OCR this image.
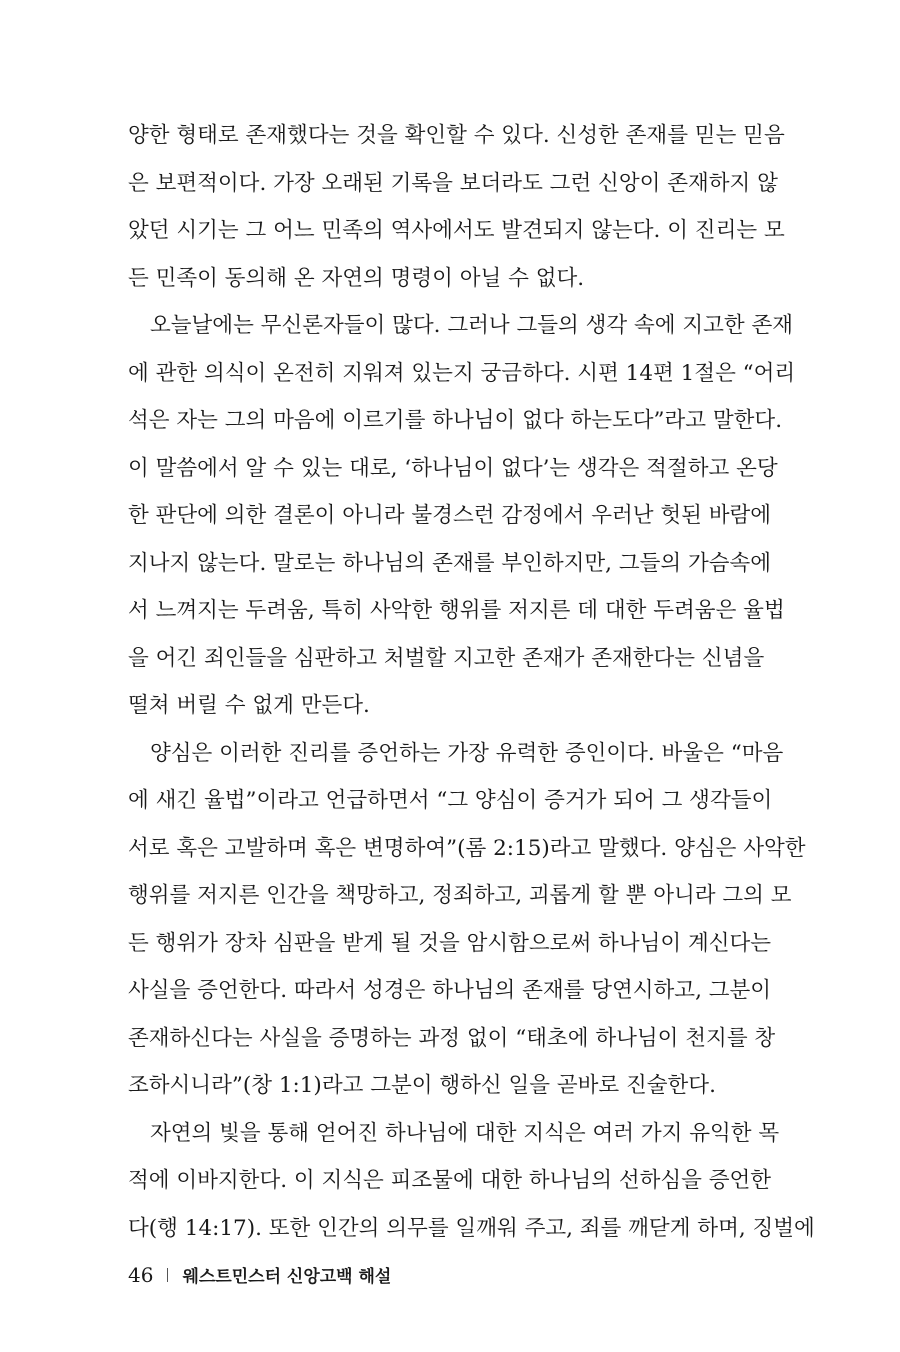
양한 형태로 존재했다는 것을 확인할 수 있다. 신성한 존재를 믿는 믿음
은 보편적이다. 가장 오래된 기록을 보더라도 그런 신앙이 존재하지 않
았던 시기는 그 어느 민족의 역사에서도 발견되지 않는다. 이 진리는 모
든 민족이 동의해 온 자연의 명령이 아닐 수 없다.
오늘날에는 무신론자들이 많다. 그러나 그들의 생각 속에 지고한 존재
에 관한 의식이 온전히 지워져 있는지 궁금하다. 시편 14편 1절은 “어리
석은 자는 그의 마음에 이르기를 하나님이 없다 하는도다”라고 말한다.
이 말씀에서 알 수 있는 대로, ‘하나님이 없다’는 생각은 적절하고 온당
한 판단에 의한 결론이 아니라 불경스런 감정에서 우러난 헛된 바람에
지나지 않는다. 말로는 하나님의 존재를 부인하지만, 그들의 가슴속에
서 느껴지는 두려움, 특히 사악한 행위를 저지른 데 대한 두려움은 율법
을 어긴 죄인들을 심판하고 처벌할 지고한 존재가 존재한다는 신념을
떨쳐 버릴 수 없게 만든다.
양심은 이러한 진리를 증언하는 가장 유력한 증인이다. 바울은 “마음
에 새긴 율법”이라고 언급하면서 “그 양심이 증거가 되어 그 생각들이
서로 혹은 고발하며 혹은 변명하여”(롬 2:15)라고 말했다. 양심은 사악한
행위를 저지른 인간을 책망하고, 정죄하고, 괴롭게 할 뿐 아니라 그의 모
든 행위가 장차 심판을 받게 될 것을 암시함으로써 하나님이 계신다는
사실을 증언한다. 따라서 성경은 하나님의 존재를 당연시하고, 그분이
존재하신다는 사실을 증명하는 과정 없이 “태초에 하나님이 천지를 창
조하시니라”(창 1:1)라고 그분이 행하신 일을 곧바로 진술한다.
자연의 빛을 통해 얻어진 하나님에 대한 지식은 여러 가지 유익한 목
적에 이바지한다. 이 지식은 피조물에 대한 하나님의 선하심을 증언한
다(행 14:17). 또한 인간의 의무를 일깨워 주고, 죄를 깨닫게 하며, 징벌에
46 웨스트민스터 신앙고백 해설
